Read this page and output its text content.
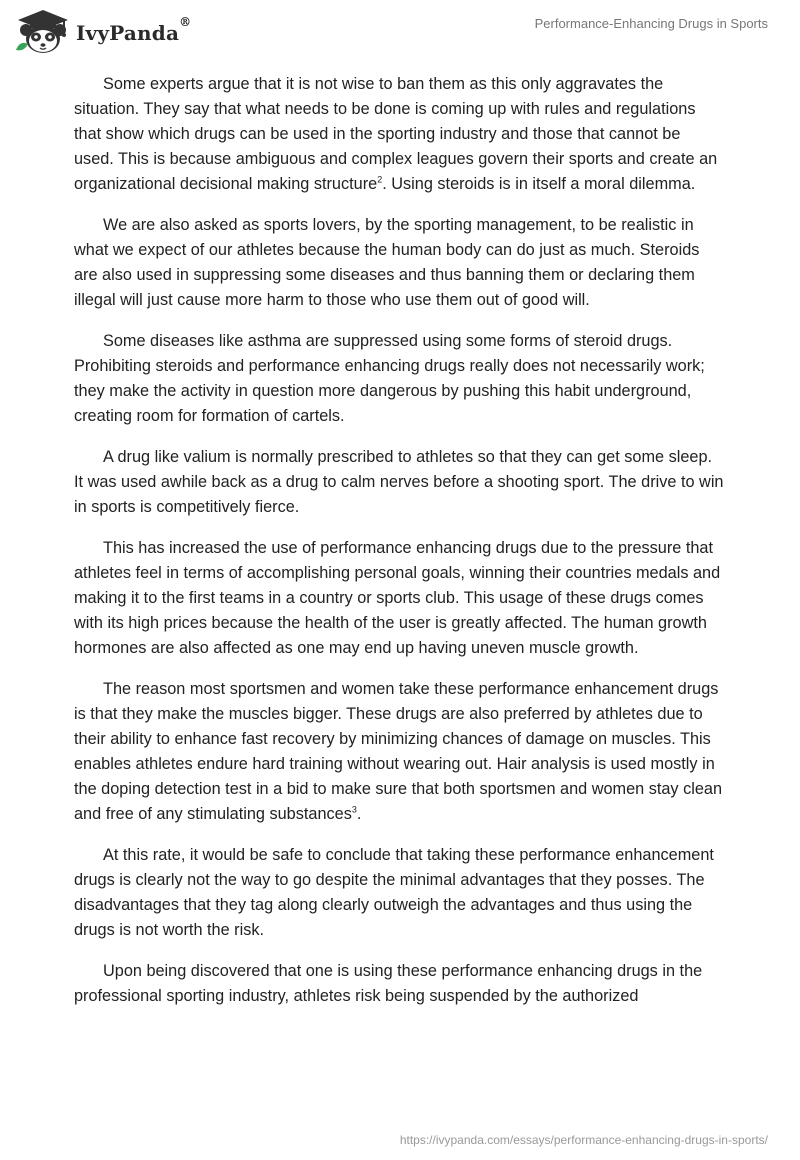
IvyPanda®	Performance-Enhancing Drugs in Sports

Some experts argue that it is not wise to ban them as this only aggravates the situation. They say that what needs to be done is coming up with rules and regulations that show which drugs can be used in the sporting industry and those that cannot be used. This is because ambiguous and complex leagues govern their sports and create an organizational decisional making structure$^2$. Using steroids is in itself a moral dilemma.

We are also asked as sports lovers, by the sporting management, to be realistic in what we expect of our athletes because the human body can do just as much. Steroids are also used in suppressing some diseases and thus banning them or declaring them illegal will just cause more harm to those who use them out of good will.

Some diseases like asthma are suppressed using some forms of steroid drugs. Prohibiting steroids and performance enhancing drugs really does not necessarily work; they make the activity in question more dangerous by pushing this habit underground, creating room for formation of cartels.

A drug like valium is normally prescribed to athletes so that they can get some sleep. It was used awhile back as a drug to calm nerves before a shooting sport. The drive to win in sports is competitively fierce.

This has increased the use of performance enhancing drugs due to the pressure that athletes feel in terms of accomplishing personal goals, winning their countries medals and making it to the first teams in a country or sports club. This usage of these drugs comes with its high prices because the health of the user is greatly affected. The human growth hormones are also affected as one may end up having uneven muscle growth.

The reason most sportsmen and women take these performance enhancement drugs is that they make the muscles bigger. These drugs are also preferred by athletes due to their ability to enhance fast recovery by minimizing chances of damage on muscles. This enables athletes endure hard training without wearing out. Hair analysis is used mostly in the doping detection test in a bid to make sure that both sportsmen and women stay clean and free of any stimulating substances$^3$.

At this rate, it would be safe to conclude that taking these performance enhancement drugs is clearly not the way to go despite the minimal advantages that they posses. The disadvantages that they tag along clearly outweigh the advantages and thus using the drugs is not worth the risk.

Upon being discovered that one is using these performance enhancing drugs in the professional sporting industry, athletes risk being suspended by the authorized

https://ivypanda.com/essays/performance-enhancing-drugs-in-sports/
